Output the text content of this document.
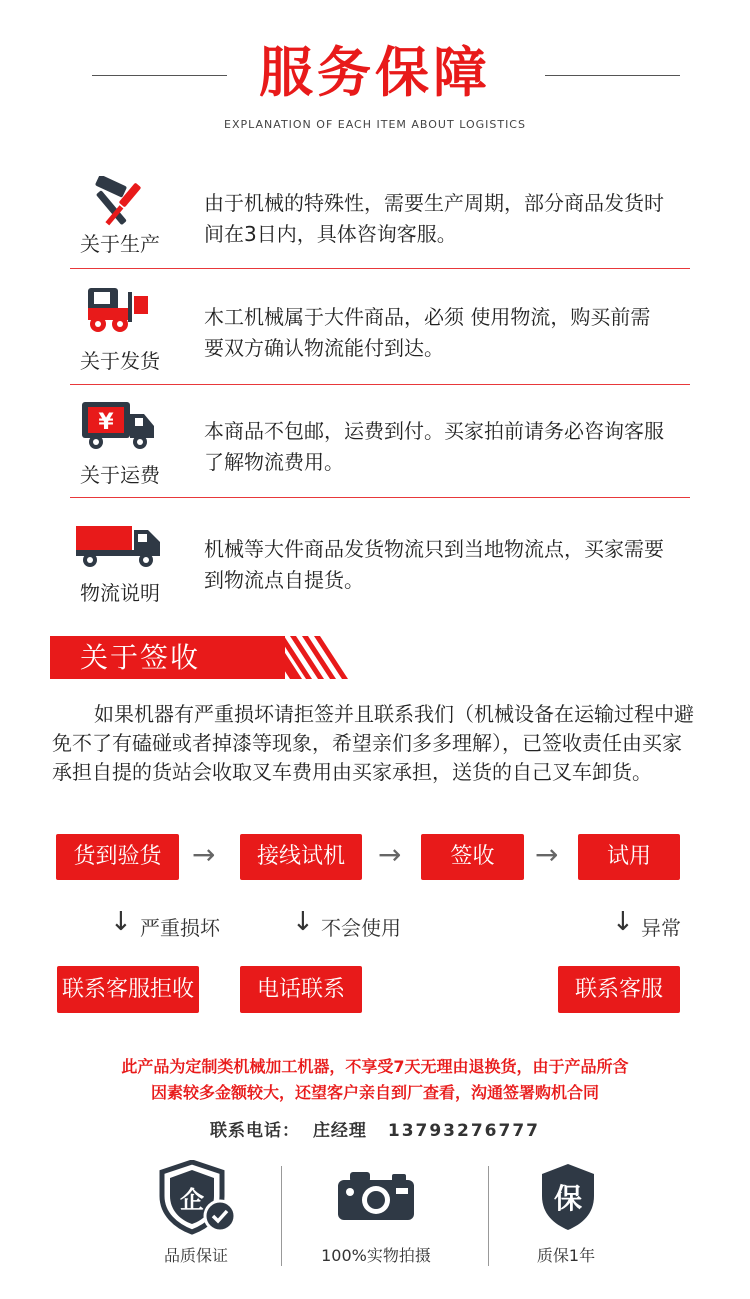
服务保障
EXPLANATION OF EACH ITEM ABOUT LOGISTICS
关于生产
由于机械的特殊性，需要生产周期，部分商品发货时间在3日内，具体咨询客服。
关于发货
木工机械属于大件商品，必须 使用物流，购买前需要双方确认物流能付到达。
¥
关于运费
本商品不包邮，运费到付。买家拍前请务必咨询客服了解物流费用。
物流说明
机械等大件商品发货物流只到当地物流点，买家需要到物流点自提货。
关于签收
如果机器有严重损坏请拒签并且联系我们（机械设备在运输过程中避免不了有磕碰或者掉漆等现象，希望亲们多多理解），已签收责任由买家承担自提的货站会收取叉车费用由买家承担，送货的自己叉车卸货。
货到验货	→	接线试机	→	签收	→	试用
↓ 严重损坏	↓ 不会使用	↓ 异常
联系客服拒收	电话联系	联系客服
此产品为定制类机械加工机器，不享受7天无理由退换货，由于产品所含
因素较多金额较大，还望客户亲自到厂查看，沟通签署购机合同
联系电话： 庄经理 13793276777
企
品质保证	100%实物拍摄
保
质保1年
